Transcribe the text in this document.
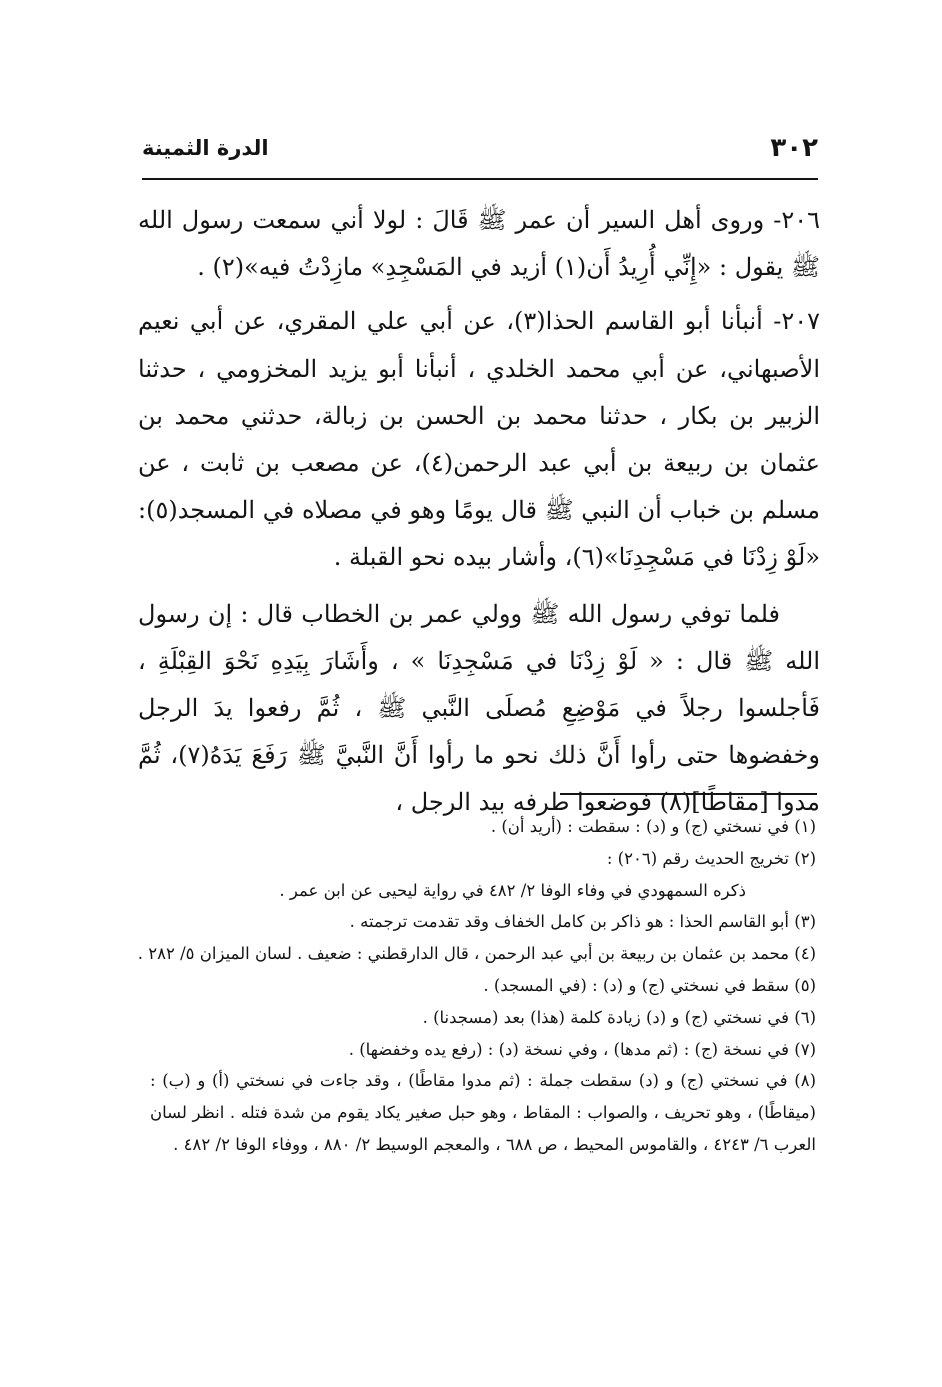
٣٠٢
الدرة الثمينة

٢٠٦- وروى أهل السير أن عمر ﷺ قَالَ : لولا أني سمعت رسول الله ﷺ يقول : «إِنِّي أُرِيدُ أَن(١) أزيد في المَسْجِدِ» مازِدْتُ فيه»(٢) .

٢٠٧- أنبأنا أبو القاسم الحذا(٣)، عن أبي علي المقري، عن أبي نعيم الأصبهاني، عن أبي محمد الخلدي ، أنبأنا أبو يزيد المخزومي ، حدثنا الزبير بن بكار ، حدثنا محمد بن الحسن بن زبالة، حدثني محمد بن عثمان بن ربيعة بن أبي عبد الرحمن(٤)، عن مصعب بن ثابت ، عن مسلم بن خباب أن النبي ﷺ قال يومًا وهو في مصلاه في المسجد(٥): «لَوْ زِدْنَا في مَسْجِدِنَا»(٦)، وأشار بيده نحو القبلة .

فلما توفي رسول الله ﷺ وولي عمر بن الخطاب قال : إن رسول الله ﷺ قال : « لَوْ زِدْنَا في مَسْجِدِنَا » ، وأَشَارَ بِيَدِهِ نَحْوَ القِبْلَةِ ، فَأجلسوا رجلاً في مَوْضِعِ مُصلَى النَّبي ﷺ ، ثُمَّ رفعوا يدَ الرجل وخفضوها حتى رأوا أَنَّ ذلك نحو ما رأوا أَنَّ النَّبيَّ ﷺ رَفَعَ يَدَهُ(٧)، ثُمَّ مدوا [مقاطًا](٨) فوضعوا طرفه بيد الرجل ،

(١) في نسختي (ج) و (د) : سقطت : (أريد أن) .
(٢) تخريج الحديث رقم (٢٠٦) :
ذكره السمهودي في وفاء الوفا ٢/ ٤٨٢ في رواية ليحيى عن ابن عمر .
(٣) أبو القاسم الحذا : هو ذاكر بن كامل الخفاف وقد تقدمت ترجمته .
(٤) محمد بن عثمان بن ربيعة بن أبي عبد الرحمن ، قال الدارقطني : ضعيف . لسان الميزان ٥/ ٢٨٢ .
(٥) سقط في نسختي (ج) و (د) : (في المسجد) .
(٦) في نسختي (ج) و (د) زيادة كلمة (هذا) بعد (مسجدنا) .
(٧) في نسخة (ج) : (ثم مدها) ، وفي نسخة (د) : (رفع يده وخفضها) .
(٨) في نسختي (ج) و (د) سقطت جملة : (ثم مدوا مقاطًا) ، وقد جاءت في نسختي (أ) و (ب) : (ميقاطًا) ، وهو تحريف ، والصواب : المقاط ، وهو حبل صغير يكاد يقوم من شدة فتله . انظر لسان العرب ٦/ ٤٢٤٣ ، والقاموس المحيط ، ص ٦٨٨ ، والمعجم الوسيط ٢/ ٨٨٠ ، ووفاء الوفا ٢/ ٤٨٢ .
